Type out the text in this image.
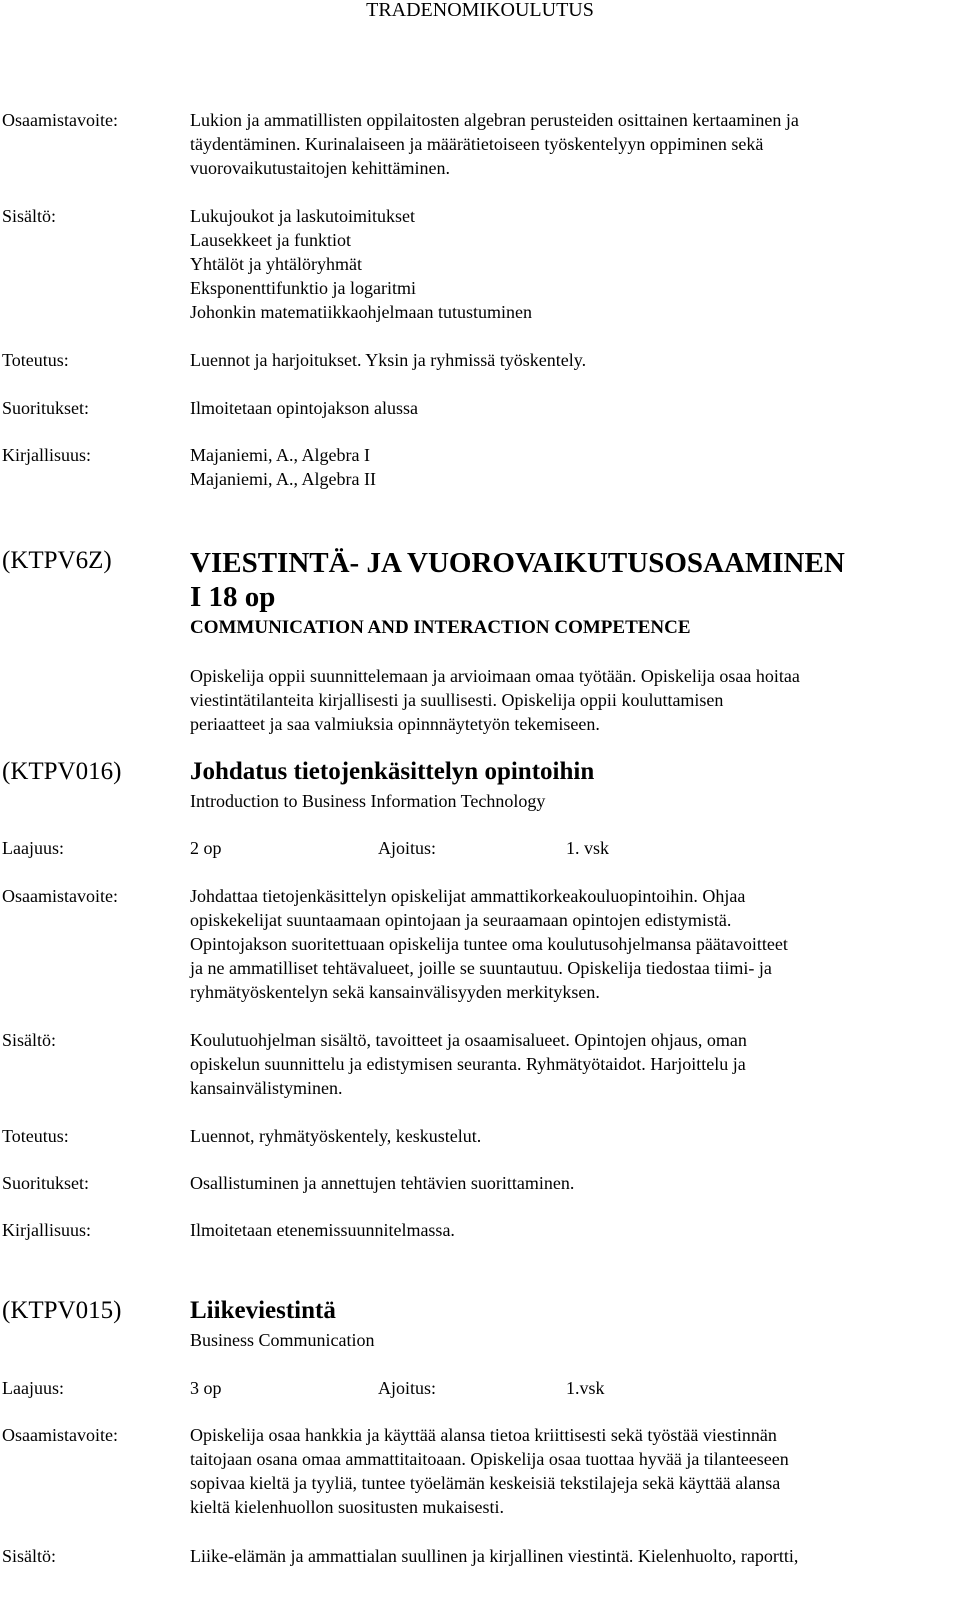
TRADENOMIKOULUTUS
Osaamistavoite:	Lukion ja ammatillisten oppilaitosten algebran perusteiden osittainen kertaaminen ja
täydentäminen. Kurinalaiseen ja määrätietoiseen työskentelyyn oppiminen sekä
vuorovaikutustaitojen kehittäminen.
Sisältö:	Lukujoukot ja laskutoimitukset
Lausekkeet ja funktiot
Yhtälöt ja yhtälöryhmät
Eksponenttifunktio ja logaritmi
Johonkin matematiikkaohjelmaan tutustuminen
Toteutus:	Luennot ja harjoitukset. Yksin ja ryhmissä työskentely.
Suoritukset:	Ilmoitetaan opintojakson alussa
Kirjallisuus:	Majaniemi, A., Algebra I
Majaniemi, A., Algebra II
(KTPV6Z)	VIESTINTÄ- JA VUOROVAIKUTUSOSAAMINEN
I 18 op
COMMUNICATION AND INTERACTION COMPETENCE
Opiskelija oppii suunnittelemaan ja arvioimaan omaa työtään. Opiskelija osaa hoitaa
viestintätilanteita kirjallisesti ja suullisesti. Opiskelija oppii kouluttamisen
periaatteet ja saa valmiuksia opinnnäytetyön tekemiseen.
(KTPV016)	Johdatus tietojenkäsittelyn opintoihin
Introduction to Business Information Technology
Laajuus:	2 op	Ajoitus:	1. vsk
Osaamistavoite:	Johdattaa tietojenkäsittelyn opiskelijat ammattikorkeakouluopintoihin. Ohjaa
opiskekelijat suuntaamaan opintojaan ja seuraamaan opintojen edistymistä.
Opintojakson suoritettuaan opiskelija tuntee oma koulutusohjelmansa päätavoitteet
ja ne ammatilliset tehtävalueet, joille se suuntautuu. Opiskelija tiedostaa tiimi- ja
ryhmätyöskentelyn sekä kansainvälisyyden merkityksen.
Sisältö:	Koulutuohjelman sisältö, tavoitteet ja osaamisalueet. Opintojen ohjaus, oman
opiskelun suunnittelu ja edistymisen seuranta. Ryhmätyötaidot. Harjoittelu ja
kansainvälistyminen.
Toteutus:	Luennot, ryhmätyöskentely, keskustelut.
Suoritukset:	Osallistuminen ja annettujen tehtävien suorittaminen.
Kirjallisuus:	Ilmoitetaan etenemissuunnitelmassa.
(KTPV015)	Liikeviestintä
Business Communication
Laajuus:	3 op	Ajoitus:	1.vsk
Osaamistavoite:	Opiskelija osaa hankkia ja käyttää alansa tietoa kriittisesti sekä työstää viestinnän
taitojaan osana omaa ammattitaitoaan. Opiskelija osaa tuottaa hyvää ja tilanteeseen
sopivaa kieltä ja tyyliä, tuntee työelämän keskeisiä tekstilajeja sekä käyttää alansa
kieltä kielenhuollon suositusten mukaisesti.
Sisältö:	Liike-elämän ja ammattialan suullinen ja kirjallinen viestintä. Kielenhuolto, raportti,
